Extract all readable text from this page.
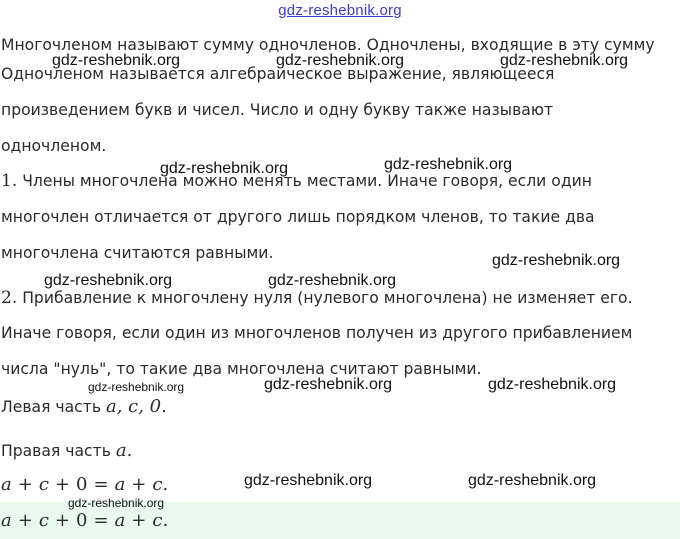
gdz-reshebnik.org
Многочленом называют сумму одночленов. Одночлены, входящие в эту сумму
Одночленом называется алгебраическое выражение, являющееся
произведением букв и чисел. Число и одну букву также называют
одночленом.
1. Члены многочлена можно менять местами. Иначе говоря, если один
многочлен отличается от другого лишь порядком членов, то такие два
многочлена считаются равными.
2. Прибавление к многочлену нуля (нулевого многочлена) не изменяет его.
Иначе говоря, если один из многочленов получен из другого прибавлением
числа "нуль", то такие два многочлена считают равными.
Левая часть a, c, 0.
Правая часть a.
a + c + 0 = a + c.
a + c + 0 = a + c.
gdz-reshebnik.org	gdz-reshebnik.org	gdz-reshebnik.org
gdz-reshebnik.org	gdz-reshebnik.org
gdz-reshebnik.org
gdz-reshebnik.org	gdz-reshebnik.org
gdz-reshebnik.org	gdz-reshebnik.org	gdz-reshebnik.org
gdz-reshebnik.org	gdz-reshebnik.org
gdz-reshebnik.org
